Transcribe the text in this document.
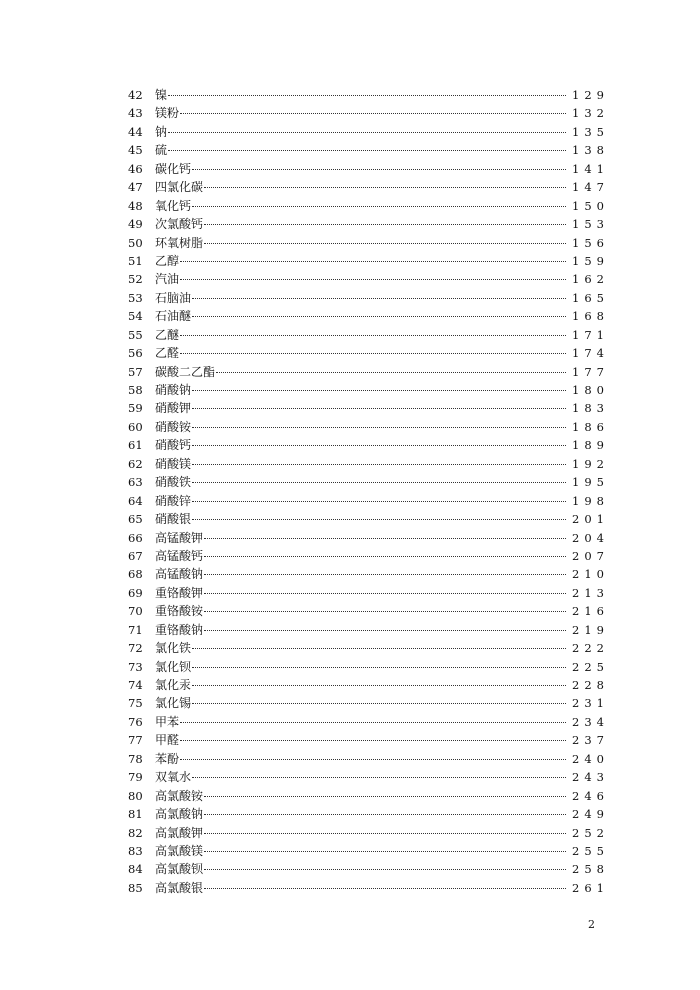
42	镍	129
43	镁粉	132
44	钠	135
45	硫	138
46	碳化钙	141
47	四氯化碳	147
48	氧化钙	150
49	次氯酸钙	153
50	环氧树脂	156
51	乙醇	159
52	汽油	162
53	石脑油	165
54	石油醚	168
55	乙醚	171
56	乙醛	174
57	碳酸二乙酯	177
58	硝酸钠	180
59	硝酸钾	183
60	硝酸铵	186
61	硝酸钙	189
62	硝酸镁	192
63	硝酸铁	195
64	硝酸锌	198
65	硝酸银	201
66	高锰酸钾	204
67	高锰酸钙	207
68	高锰酸钠	210
69	重铬酸钾	213
70	重铬酸铵	216
71	重铬酸钠	219
72	氯化铁	222
73	氯化钡	225
74	氯化汞	228
75	氯化锡	231
76	甲苯	234
77	甲醛	237
78	苯酚	240
79	双氧水	243
80	高氯酸铵	246
81	高氯酸钠	249
82	高氯酸钾	252
83	高氯酸镁	255
84	高氯酸钡	258
85	高氯酸银	261
2
